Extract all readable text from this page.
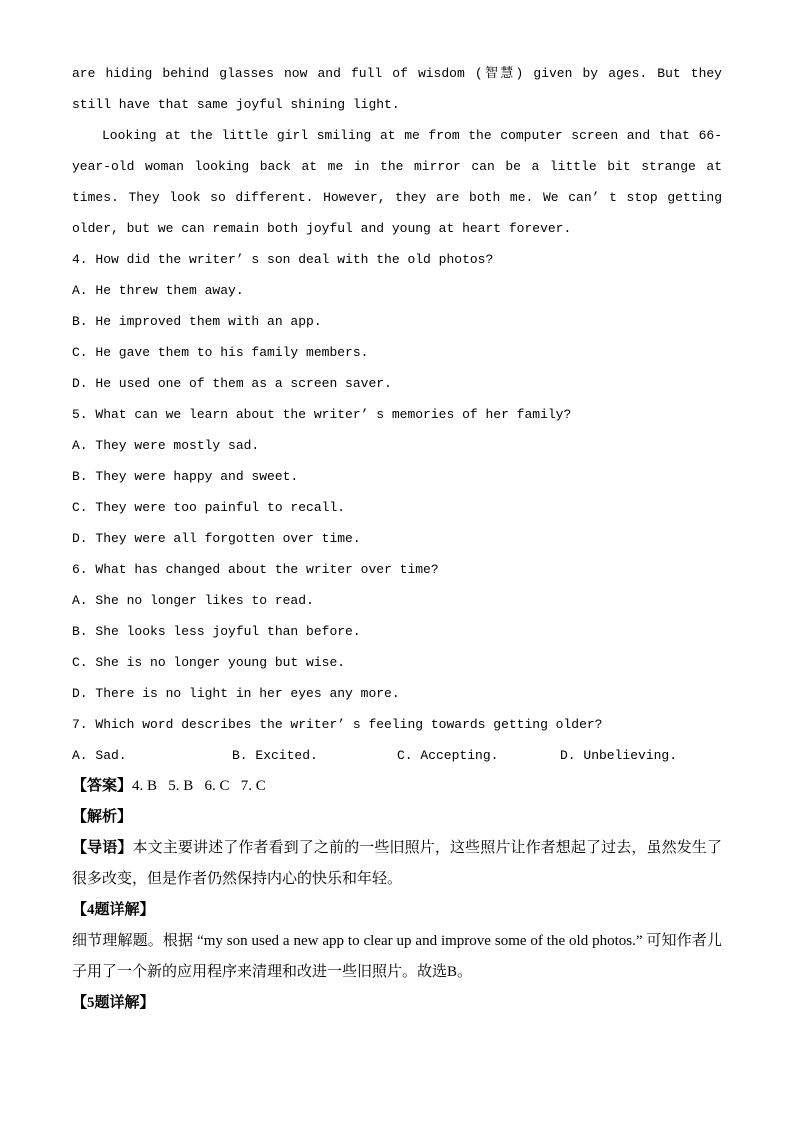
are hiding behind glasses now and full of wisdom (智慧) given by ages. But they still have that same joyful shining light.
Looking at the little girl smiling at me from the computer screen and that 66-year-old woman looking back at me in the mirror can be a little bit strange at times. They look so different. However, they are both me. We can’ t stop getting older, but we can remain both joyful and young at heart forever.
4. How did the writer’ s son deal with the old photos?
A. He threw them away.
B. He improved them with an app.
C. He gave them to his family members.
D. He used one of them as a screen saver.
5. What can we learn about the writer’ s memories of her family?
A. They were mostly sad.
B. They were happy and sweet.
C. They were too painful to recall.
D. They were all forgotten over time.
6. What has changed about the writer over time?
A. She no longer likes to read.
B. She looks less joyful than before.
C. She is no longer young but wise.
D. There is no light in her eyes any more.
7. Which word describes the writer’ s feeling towards getting older?
A. Sad.	B. Excited.	C. Accepting.	D. Unbelieving.
【答案】4. B   5. B   6. C   7. C
【解析】
【导语】本文主要讲述了作者看到了之前的一些旧照片，这些照片让作者想起了过去，虽然发生了很多改变，但是作者仍然保持内心的快乐和年轻。
【4题详解】
细节理解题。根据 “my son used a new app to clear up and improve some of the old photos.” 可知作者儿子用了一个新的应用程序来清理和改进一些旧照片。故选B。
【5题详解】
